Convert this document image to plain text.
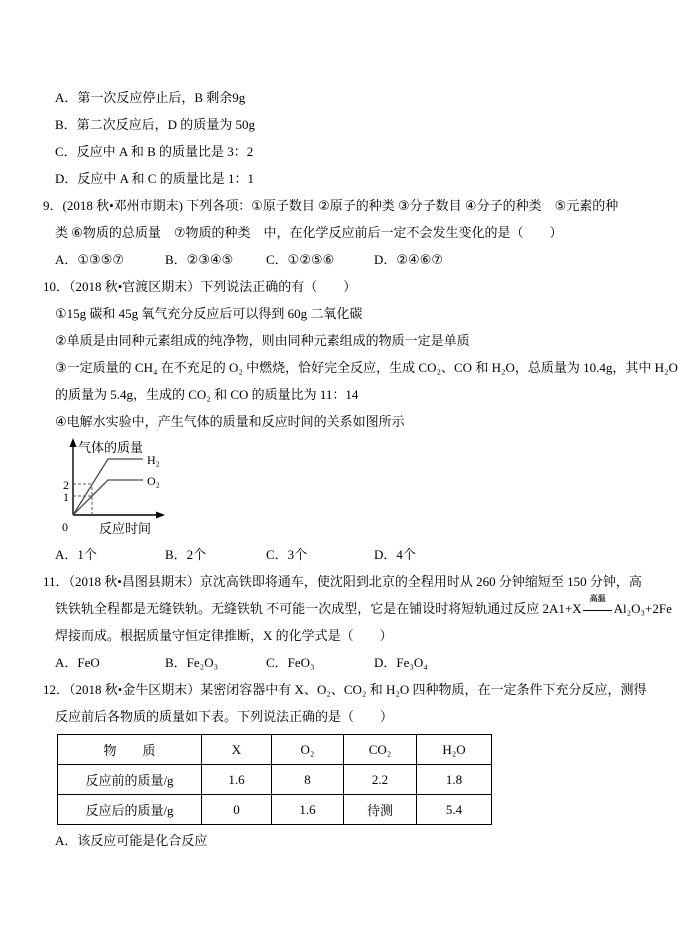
A．第一次反应停止后，B 剩余9g
B．第二次反应后，D 的质量为 50g
C．反应中 A 和 B 的质量比是 3：2
D．反应中 A 和 C 的质量比是 1：1
9．(2018 秋•邓州市期末) 下列各项：①原子数目 ②原子的种类 ③分子数目 ④分子的种类　⑤元素的种
类 ⑥物质的总质量　⑦物质的种类　中，在化学反应前后一定不会发生变化的是（　　）
A．①③⑤⑦	B．②③④⑤	C．①②⑤⑥	D．②④⑥⑦
10．（2018 秋•官渡区期末）下列说法正确的有（　　）
①15g 碳和 45g 氧气充分反应后可以得到 60g 二氧化碳
②单质是由同种元素组成的纯净物，则由同种元素组成的物质一定是单质
③一定质量的 CH₄ 在不充足的 O₂ 中燃烧，恰好完全反应，生成 CO₂、CO 和 H₂O，总质量为 10.4g，其中 H₂O
的质量为 5.4g，生成的 CO₂ 和 CO 的质量比为 11：14
④电解水实验中，产生气体的质量和反应时间的关系如图所示
气体的质量
H₂
O₂
2
1
0 反应时间
A．1个	B．2个	C．3个	D．4个
11．（2018 秋•昌图县期末）京沈高铁即将通车，使沈阳到北京的全程用时从 260 分钟缩短至 150 分钟，高
铁铁轨全程都是无缝铁轨。无缝铁轨 不可能一次成型，它是在铺设时将短轨通过反应 2A1+X
高温
Al₂O₃+2Fe
焊接而成。根据质量守恒定律推断，X 的化学式是（　　）
A．FeO	B．Fe₂O₃	C．FeO₃	D．Fe₃O₄
12．（2018 秋•金牛区期末）某密闭容器中有 X、O₂、CO₂ 和 H₂O 四种物质，在一定条件下充分反应，测得
反应前后各物质的质量如下表。下列说法正确的是（　　）
物　　质	X	O₂	CO₂	H₂O
反应前的质量/g	1.6	8	2.2	1.8
反应后的质量/g	0	1.6	待测	5.4
A．该反应可能是化合反应
